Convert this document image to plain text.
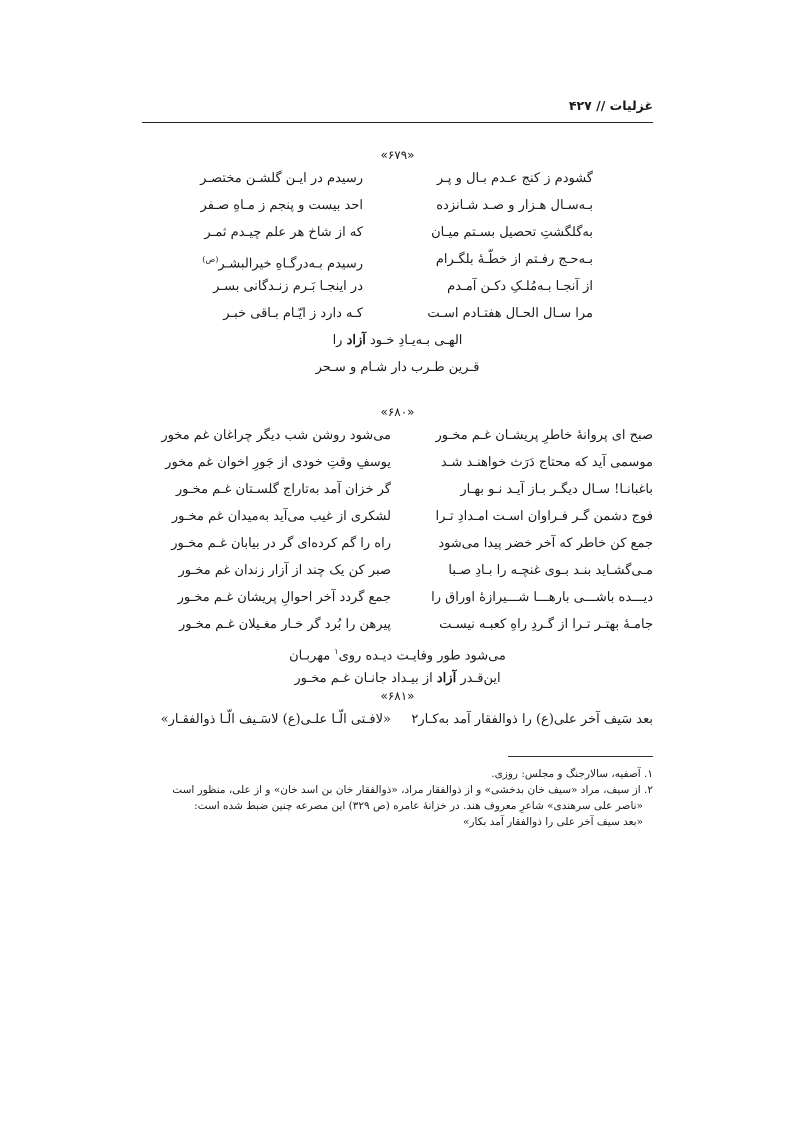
غزلیات // ۴۲۷
«۶۷۹»
گشودم ز کنج عـدم بـال و پـر
رسیدم در ایـن گلشـن مختصـر
بـه‌سـال هـزار و صـد شـانزده
احد بیست و پنجم ز مـاهِ صـفر
به‌گلگشتِ تحصیل بسـتم میـان
که از شاخ هر علم چیـدم ثمـر
بـه‌حـج رفـتم از خطّـهٔ بلگـرام
رسیدم بـه‌درگـاهِ خیرالبشـر$^{(ص)}$
از آنجـا بـه‌مُلـکِ دکـن آمـدم
در اینجـا بَـرم زنـدگانی بسـر
مرا سـال الحـال هفتـادم اسـت
کـه دارد ز ایّـام بـاقی خبـر
الهـی بـه‌یـادِ خـود آزاد را
قـرین طـرب دار شـام و سـحر
«۶۸۰»
صبح ای پروانهٔ خاطرِ پریشـان غـم مخـور
می‌شود روشن شب دیگر چراغان غم مخور
موسمی آید که محتاج دَرَث خواهنـد شـد
یوسفِ وقتِ خودی از جَورِ اخوان غم مخور
باغبانـا! سـال دیگـر بـاز آیـد نـو بهـار
گر خزان آمد به‌تاراج گلسـتان غـم مخـور
فوج دشمن گـر فـراوان اسـت امـدادِ تـرا
لشکری از غیب می‌آید به‌میدان غم مخـور
جمع کن خاطر که آخر خضر پیدا می‌شود
راه را گم کرده‌ای گر در بیابان غـم مخـور
مـی‌گشـاید بنـد بـوی غنچـه را بـادِ صـبا
صبر کن یک چند از آزار زندان غم مخـور
دیـــده باشـــی بارهـــا شـــیرازهٔ اوراق را
جمع گردد آخر احوالِ پریشان غـم مخـور
جامـهٔ بهتـر تـرا از گـردِ راهِ کعبـه نیسـت
پیرهن را بُرد گر خـار مغـیلان غـم مخـور
می‌شود طور وفایـت دیـده روی$^۱$ مهربـان
این‌قـدر آزاد از بیـداد جانـان غـم مخـور
«۶۸۱»
بعد سَیف آخر علی(ع) را ذوالفقار آمد به‌کـار۲
«لافـتی الّـا علـی(ع) لاسَـیف الّـا ذوالفقـار»
۱. آصفیه، سالارجنگ و مجلس: روزی.
۲. از سیف، مراد «سیف خان بدخشی» و از ذوالفقار مراد، «ذوالفقار خان بن اسد خان» و از علی، منظور است
«ناصر علی سرهندی» شاعرِ معروف هند. در خزانهٔ عامره (ص ۳۲۹) این مصرعه چنین ضبط شده است:
«بعد سیف آخر علی را ذوالفقار آمد بکار»
